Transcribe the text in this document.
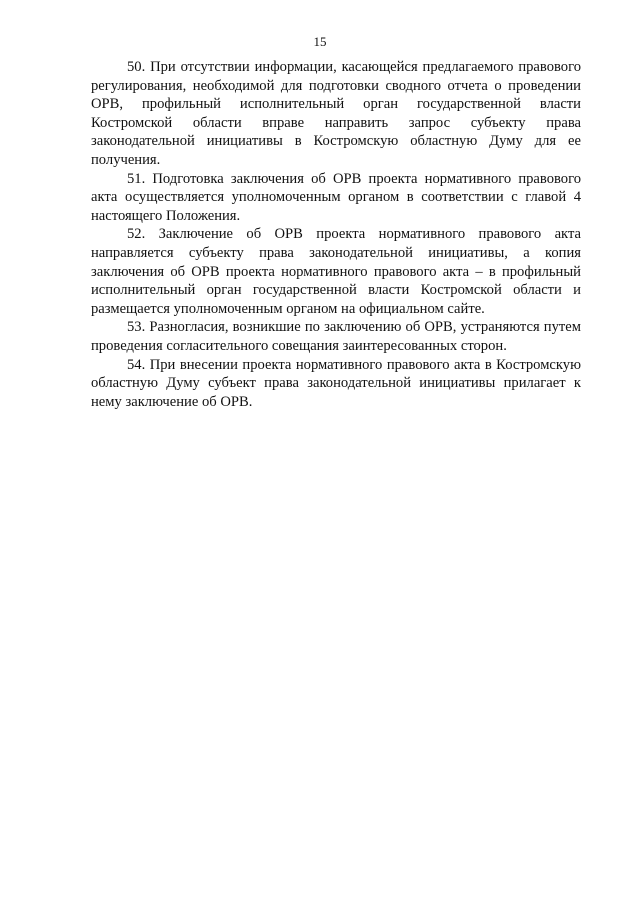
15

50. При отсутствии информации, касающейся предлагаемого правового регулирования, необходимой для подготовки сводного отчета о проведении ОРВ, профильный исполнительный орган государственной власти Костромской области вправе направить запрос субъекту права законодательной инициативы в Костромскую областную Думу для ее получения.

51. Подготовка заключения об ОРВ проекта нормативного правового акта осуществляется уполномоченным органом в соответствии с главой 4 настоящего Положения.

52. Заключение об ОРВ проекта нормативного правового акта направляется субъекту права законодательной инициативы, а копия заключения об ОРВ проекта нормативного правового акта – в профильный исполнительный орган государственной власти Костромской области и размещается уполномоченным органом на официальном сайте.

53. Разногласия, возникшие по заключению об ОРВ, устраняются путем проведения согласительного совещания заинтересованных сторон.

54. При внесении проекта нормативного правового акта в Костромскую областную Думу субъект права законодательной инициативы прилагает к нему заключение об ОРВ.
